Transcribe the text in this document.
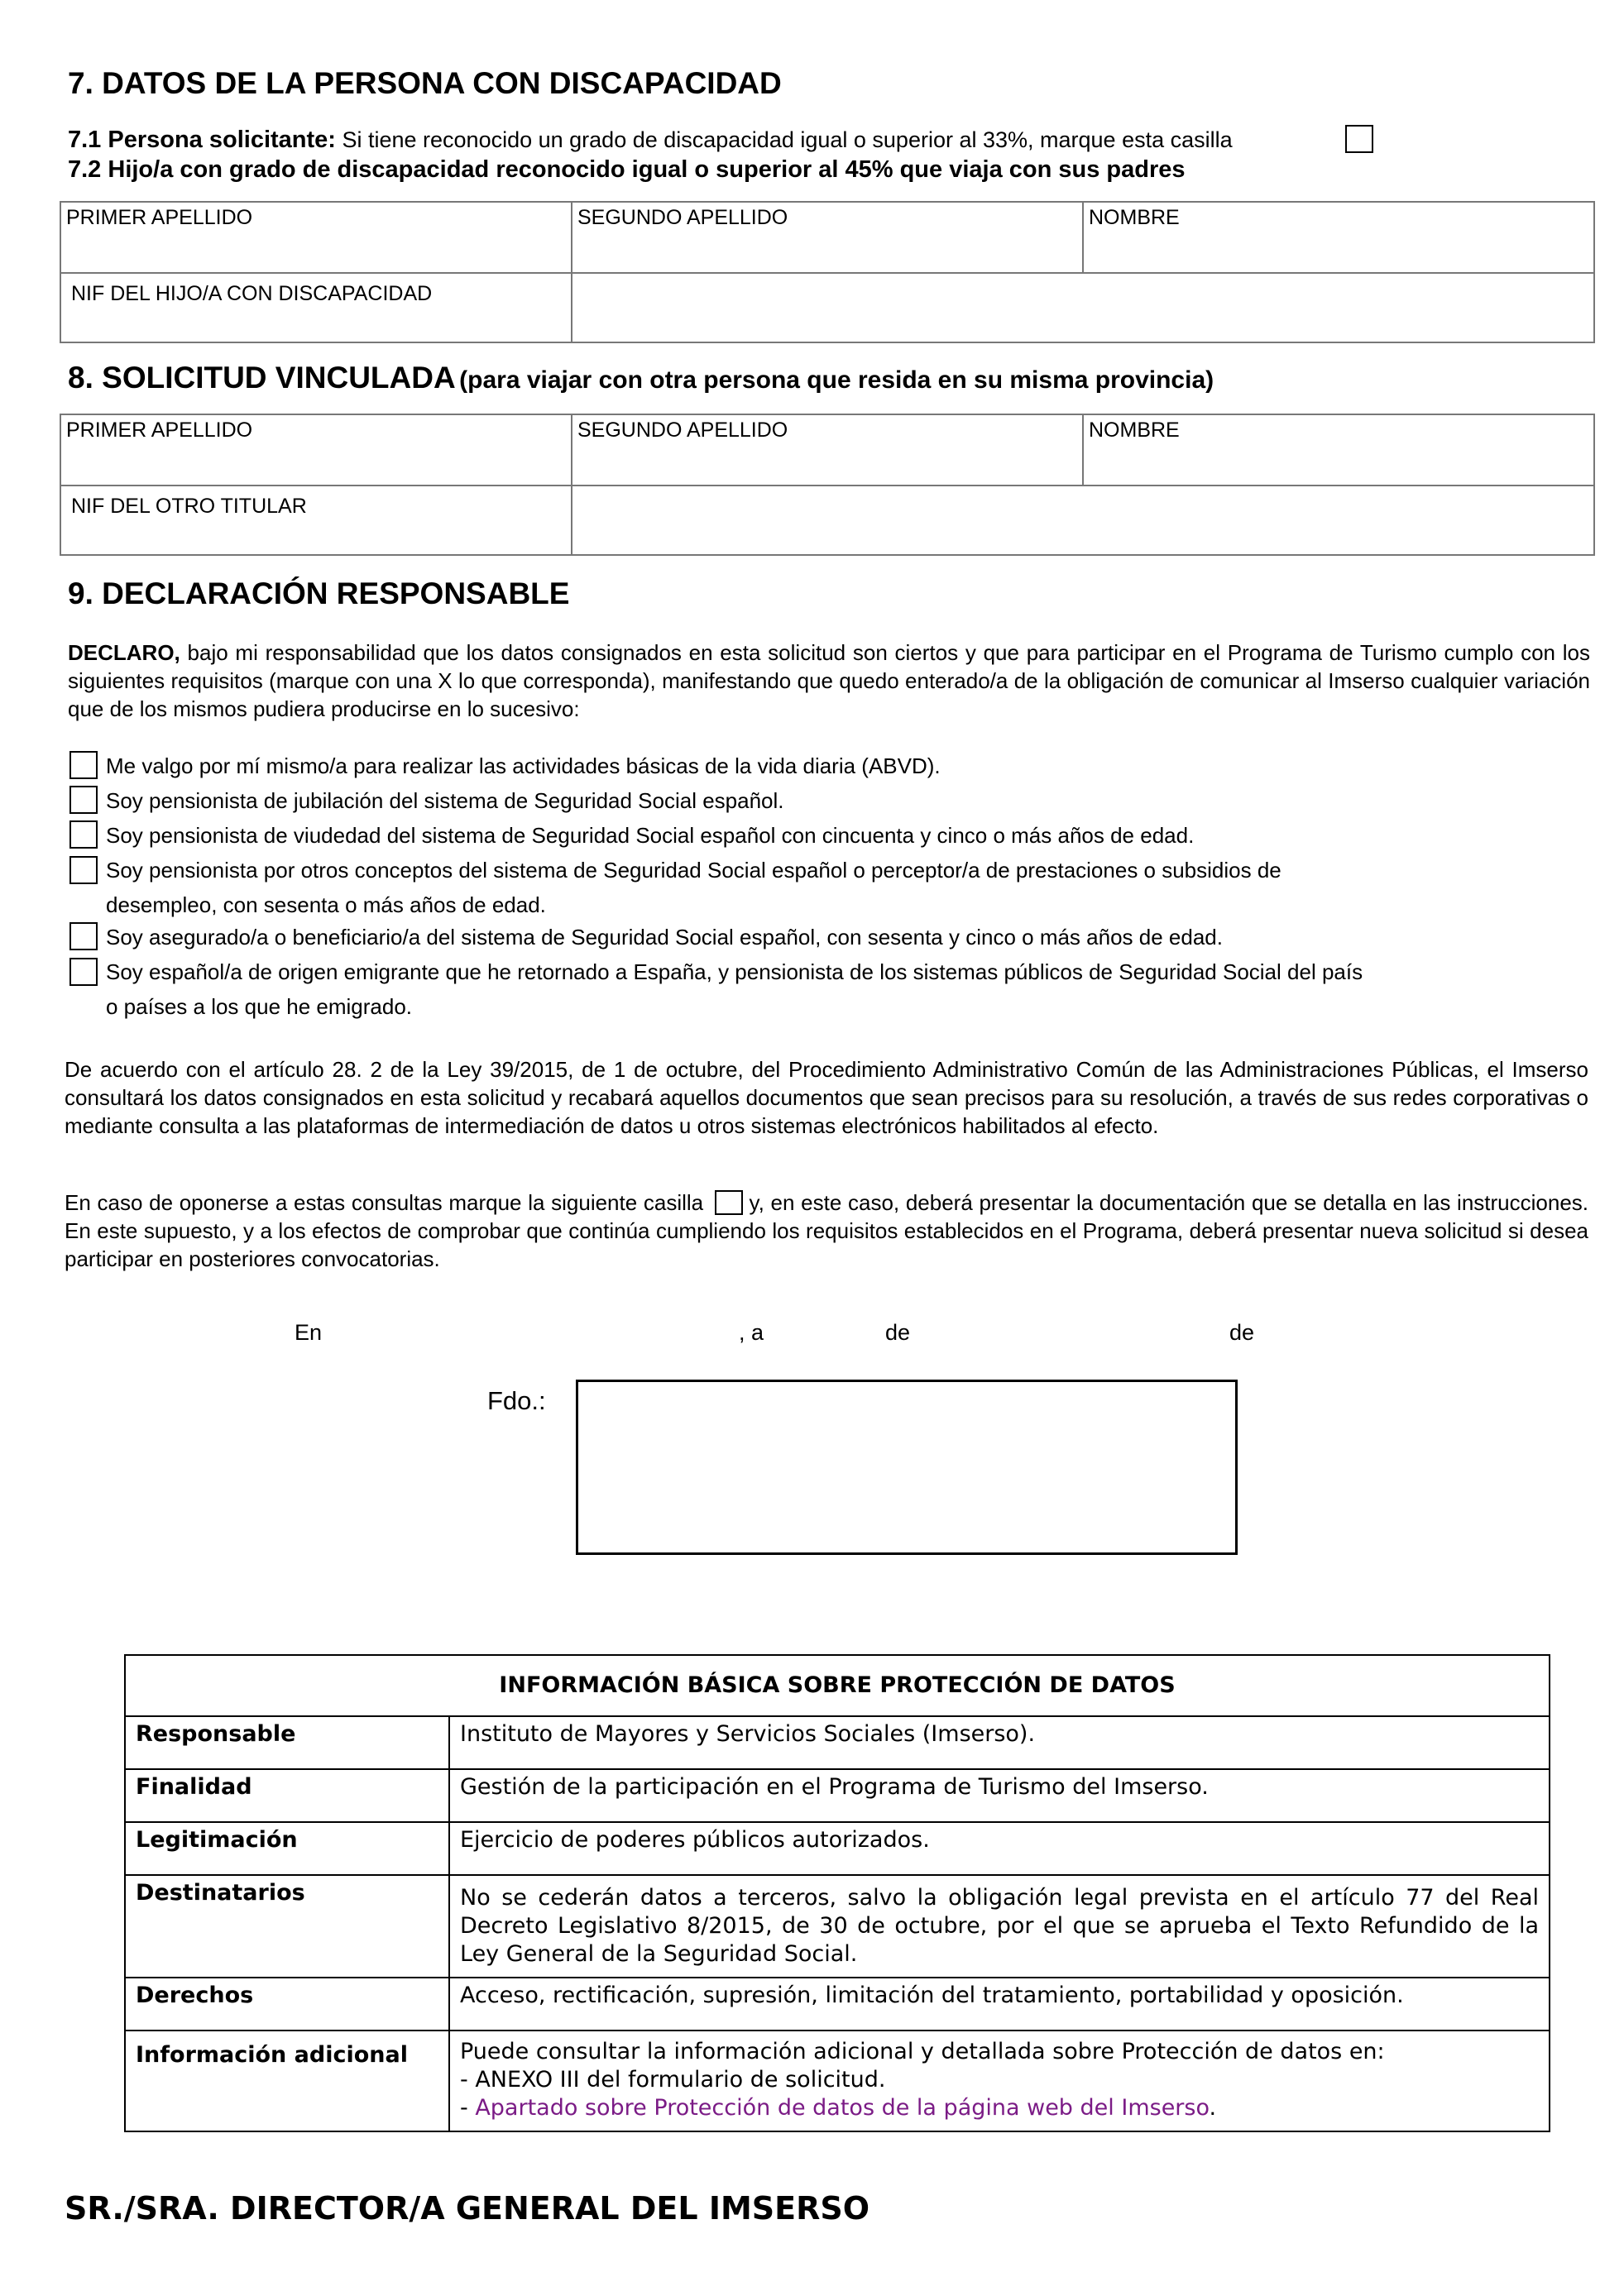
7. DATOS DE LA PERSONA CON DISCAPACIDAD
7.1 Persona solicitante: Si tiene reconocido un grado de discapacidad igual o superior al 33%, marque esta casilla
7.2 Hijo/a con grado de discapacidad reconocido igual o superior al 45% que viaja con sus padres
PRIMER APELLIDO	SEGUNDO APELLIDO	NOMBRE
NIF DEL HIJO/A CON DISCAPACIDAD
8. SOLICITUD VINCULADA (para viajar con otra persona que resida en su misma provincia)
PRIMER APELLIDO	SEGUNDO APELLIDO	NOMBRE
NIF DEL OTRO TITULAR
9. DECLARACIÓN RESPONSABLE
DECLARO, bajo mi responsabilidad que los datos consignados en esta solicitud son ciertos y que para participar en el Programa de Turismo cumplo con los siguientes requisitos (marque con una X lo que corresponda), manifestando que quedo enterado/a de la obligación de comunicar al Imserso cualquier variación que de los mismos pudiera producirse en lo sucesivo:
Me valgo por mí mismo/a para realizar las actividades básicas de la vida diaria (ABVD).
Soy pensionista de jubilación del sistema de Seguridad Social español.
Soy pensionista de viudedad del sistema de Seguridad Social español con cincuenta y cinco o más años de edad.
Soy pensionista por otros conceptos del sistema de Seguridad Social español o perceptor/a de prestaciones o subsidios de
desempleo, con sesenta o más años de edad.
Soy asegurado/a o beneficiario/a del sistema de Seguridad Social español, con sesenta y cinco o más años de edad.
Soy español/a de origen emigrante que he retornado a España, y pensionista de los sistemas públicos de Seguridad Social del país
o países a los que he emigrado.
De acuerdo con el artículo 28. 2 de la Ley 39/2015, de 1 de octubre, del Procedimiento Administrativo Común de las Administraciones Públicas, el Imserso consultará los datos consignados en esta solicitud y recabará aquellos documentos que sean precisos para su resolución, a través de sus redes corporativas o mediante consulta a las plataformas de intermediación de datos u otros sistemas electrónicos habilitados al efecto.
En caso de oponerse a estas consultas marque la siguiente casilla  y, en este caso, deberá presentar la documentación que se detalla en las instrucciones. En este supuesto, y a los efectos de comprobar que continúa cumpliendo los requisitos establecidos en el Programa, deberá presentar nueva solicitud si desea participar en posteriores convocatorias.
En	, a	de	de
Fdo.:
INFORMACIÓN BÁSICA SOBRE PROTECCIÓN DE DATOS	
Responsable	Instituto de Mayores y Servicios Sociales (Imserso).
Finalidad	Gestión de la participación en el Programa de Turismo del Imserso.
Legitimación	Ejercicio de poderes públicos autorizados.
Destinatarios	No se cederán datos a terceros, salvo la obligación legal prevista en el artículo 77 del Real Decreto Legislativo 8/2015, de 30 de octubre, por el que se aprueba el Texto Refundido de la Ley General de la Seguridad Social.
Derechos	Acceso, rectificación, supresión, limitación del tratamiento, portabilidad y oposición.
Información adicional	Puede consultar la información adicional y detallada sobre Protección de datos en:
- ANEXO III del formulario de solicitud.
- Apartado sobre Protección de datos de la página web del Imserso.
SR./SRA. DIRECTOR/A GENERAL DEL IMSERSO
